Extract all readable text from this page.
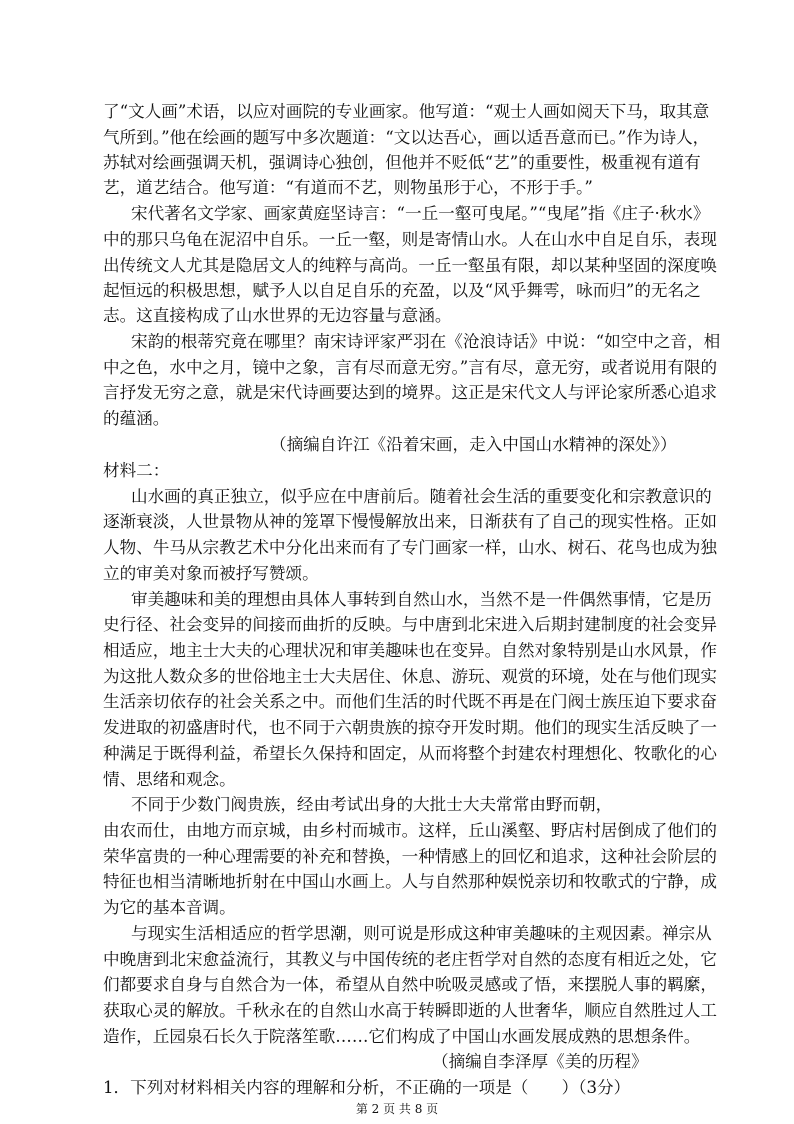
了“文人画”术语，以应对画院的专业画家。他写道：“观士人画如阅天下马，取其意
气所到。”他在绘画的题写中多次题道：“文以达吾心，画以适吾意而已。”作为诗人，
苏轼对绘画强调天机，强调诗心独创，但他并不贬低“艺”的重要性，极重视有道有
艺，道艺结合。他写道：“有道而不艺，则物虽形于心，不形于手。”
宋代著名文学家、画家黄庭坚诗言：“一丘一壑可曳尾。”“曳尾”指《庄子·秋水》
中的那只乌龟在泥沼中自乐。一丘一壑，则是寄情山水。人在山水中自足自乐，表现
出传统文人尤其是隐居文人的纯粹与高尚。一丘一壑虽有限，却以某种坚固的深度唤
起恒远的积极思想，赋予人以自足自乐的充盈，以及“风乎舞雩，咏而归”的无名之
志。这直接构成了山水世界的无边容量与意涵。
宋韵的根蒂究竟在哪里？南宋诗评家严羽在《沧浪诗话》中说：“如空中之音，相
中之色，水中之月，镜中之象，言有尽而意无穷。”言有尽，意无穷，或者说用有限的
言抒发无穷之意，就是宋代诗画要达到的境界。这正是宋代文人与评论家所悉心追求
的蕴涵。
（摘编自许江《沿着宋画，走入中国山水精神的深处》）
材料二：
山水画的真正独立，似乎应在中唐前后。随着社会生活的重要变化和宗教意识的
逐渐衰淡，人世景物从神的笼罩下慢慢解放出来，日渐获有了自己的现实性格。正如
人物、牛马从宗教艺术中分化出来而有了专门画家一样，山水、树石、花鸟也成为独
立的审美对象而被抒写赞颂。
审美趣味和美的理想由具体人事转到自然山水，当然不是一件偶然事情，它是历
史行径、社会变异的间接而曲折的反映。与中唐到北宋进入后期封建制度的社会变异
相适应，地主士大夫的心理状况和审美趣味也在变异。自然对象特别是山水风景，作
为这批人数众多的世俗地主士大夫居住、休息、游玩、观赏的环境，处在与他们现实
生活亲切依存的社会关系之中。而他们生活的时代既不再是在门阀士族压迫下要求奋
发进取的初盛唐时代，也不同于六朝贵族的掠夺开发时期。他们的现实生活反映了一
种满足于既得利益，希望长久保持和固定，从而将整个封建农村理想化、牧歌化的心
情、思绪和观念。
不同于少数门阀贵族，经由考试出身的大批士大夫常常由野而朝，
由农而仕，由地方而京城，由乡村而城市。这样，丘山溪壑、野店村居倒成了他们的
荣华富贵的一种心理需要的补充和替换，一种情感上的回忆和追求，这种社会阶层的
特征也相当清晰地折射在中国山水画上。人与自然那种娱悦亲切和牧歌式的宁静，成
为它的基本音调。
与现实生活相适应的哲学思潮，则可说是形成这种审美趣味的主观因素。禅宗从
中晚唐到北宋愈益流行，其教义与中国传统的老庄哲学对自然的态度有相近之处，它
们都要求自身与自然合为一体，希望从自然中吮吸灵感或了悟，来摆脱人事的羁縻，
获取心灵的解放。千秋永在的自然山水高于转瞬即逝的人世奢华，顺应自然胜过人工
造作，丘园泉石长久于院落笙歌……它们构成了中国山水画发展成熟的思想条件。
（摘编自李泽厚《美的历程》
1．下列对材料相关内容的理解和分析，不正确的一项是（　　）（3分）
第 2 页 共 8 页
